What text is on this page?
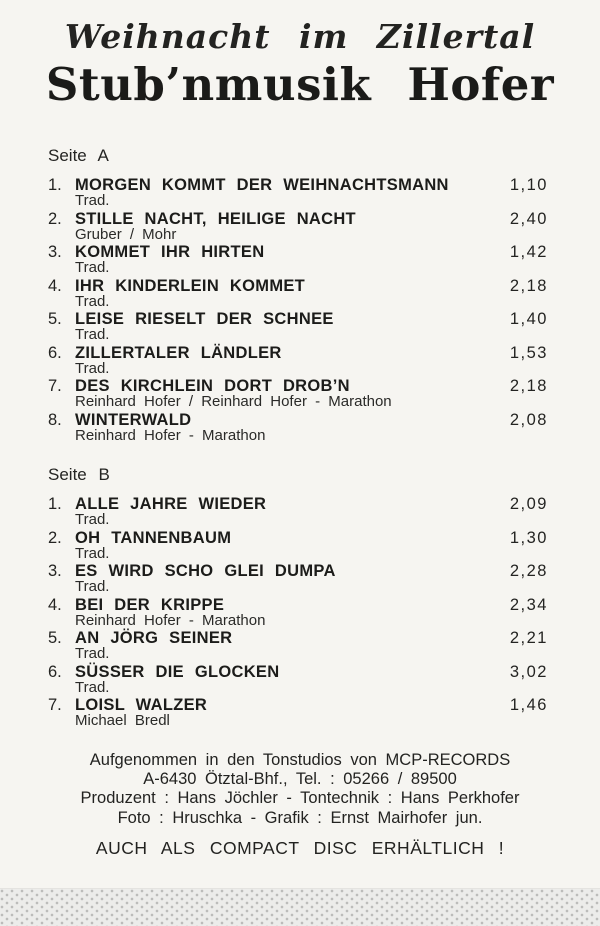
Weihnacht im Zillertal
Stub’nmusik Hofer
Seite A
1. MORGEN KOMMT DER WEIHNACHTSMANN
Trad.
1,10
2. STILLE NACHT, HEILIGE NACHT
Gruber / Mohr
2,40
3. KOMMET IHR HIRTEN
Trad.
1,42
4. IHR KINDERLEIN KOMMET
Trad.
2,18
5. LEISE RIESELT DER SCHNEE
Trad.
1,40
6. ZILLERTALER LÄNDLER
Trad.
1,53
7. DES KIRCHLEIN DORT DROB’N
Reinhard Hofer / Reinhard Hofer - Marathon
2,18
8. WINTERWALD
Reinhard Hofer - Marathon
2,08
Seite B
1. ALLE JAHRE WIEDER
Trad.
2,09
2. OH TANNENBAUM
Trad.
1,30
3. ES WIRD SCHO GLEI DUMPA
Trad.
2,28
4. BEI DER KRIPPE
Reinhard Hofer - Marathon
2,34
5. AN JÖRG SEINER
Trad.
2,21
6. SÜSSER DIE GLOCKEN
Trad.
3,02
7. LOISL WALZER
Michael Bredl
1,46
Aufgenommen in den Tonstudios von MCP-RECORDS
A-6430 Ötztal-Bhf., Tel. : 05266 / 89500
Produzent : Hans Jöchler - Tontechnik : Hans Perkhofer
Foto : Hruschka - Grafik : Ernst Mairhofer jun.
AUCH ALS COMPACT DISC ERHÄLTLICH !
